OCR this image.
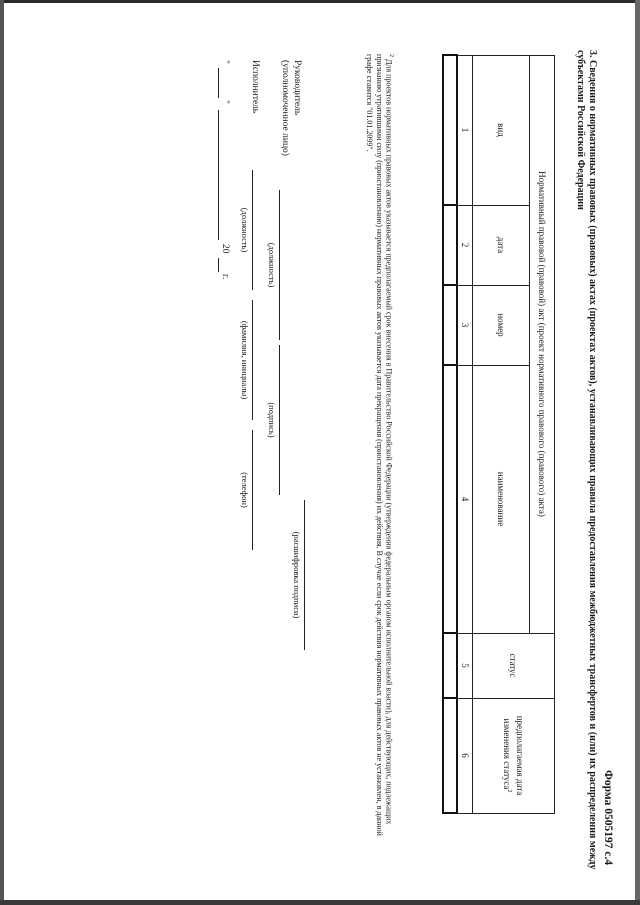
Форма 0505197 с.4
3. Сведения о нормативных правовых (правовых) актах (проектах актов), устанавливающих правила предоставления межбюджетных трансфертов и (или) их распределения между субъектами Российской Федерации
Нормативный правовой (правовой) акт (проект нормативного правового (правового) акта)				статус	предполагаемая дата изменения статуса$^2$
вид	дата	номер	наименование		
1	2	3	4	5	6

$^2$ Для проектов нормативных правовых актов указывается предполагаемый срок внесения в Правительство Российской Федерации (утверждения федеральным органом исполнительной власти), для действующих, подлежащих признанию утратившими силу (приостановлению) нормативных правовых актов указывается дата прекращения (приостановления) их действия. В случае если срок действия нормативных правовых актов не установлен, в данной графе ставится "01.01.2099".
Руководитель
(уполномоченное лицо)
(должность)
(подпись)
(расшифровка подписи)
Исполнитель
(должность)
(фамилия, инициалы)
(телефон)
"
"
20
г.
